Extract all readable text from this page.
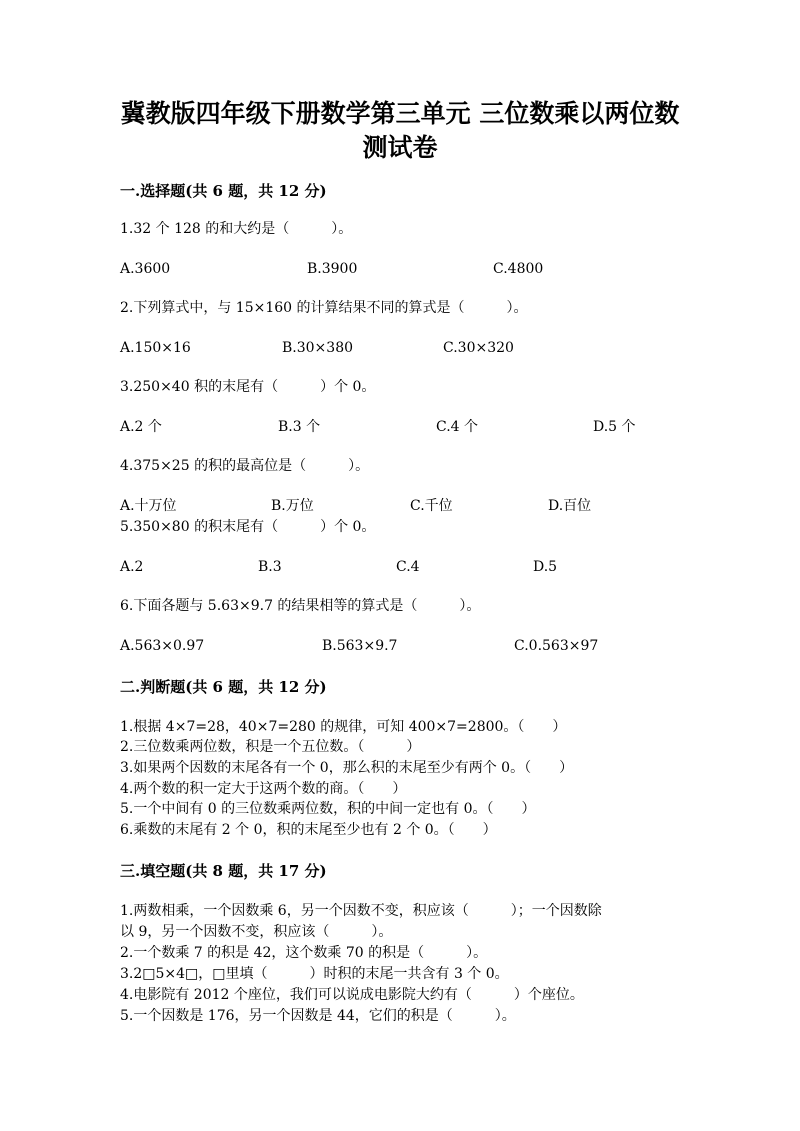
冀教版四年级下册数学第三单元 三位数乘以两位数
测试卷
一.选择题(共 6 题，共 12 分)
1.32 个 128 的和大约是（　　　）。
A.3600	B.3900	C.4800
2.下列算式中，与 15×160 的计算结果不同的算式是（　　　）。
A.150×16	B.30×380	C.30×320
3.250×40 积的末尾有（　　　）个 0。
A.2 个	B.3 个	C.4 个	D.5 个
4.375×25 的积的最高位是（　　　）。
A.十万位	B.万位	C.千位	D.百位
5.350×80 的积末尾有（　　　）个 0。
A.2	B.3	C.4	D.5
6.下面各题与 5.63×9.7 的结果相等的算式是（　　　）。
A.563×0.97	B.563×9.7	C.0.563×97
二.判断题(共 6 题，共 12 分)
1.根据 4×7=28，40×7=280 的规律，可知 400×7=2800。（　　）
2.三位数乘两位数，积是一个五位数。（　　　）
3.如果两个因数的末尾各有一个 0，那么积的末尾至少有两个 0。（　　）
4.两个数的积一定大于这两个数的商。（　　）
5.一个中间有 0 的三位数乘两位数，积的中间一定也有 0。（　　）
6.乘数的末尾有 2 个 0，积的末尾至少也有 2 个 0。（　　）
三.填空题(共 8 题，共 17 分)
1.两数相乘，一个因数乘 6，另一个因数不变，积应该（　　　）；一个因数除
以 9，另一个因数不变，积应该（　　　）。
2.一个数乘 7 的积是 42，这个数乘 70 的积是（　　　）。
3.2□5×4□，□里填（　　　）时积的末尾一共含有 3 个 0。
4.电影院有 2012 个座位，我们可以说成电影院大约有（　　　）个座位。
5.一个因数是 176，另一个因数是 44，它们的积是（　　　）。
